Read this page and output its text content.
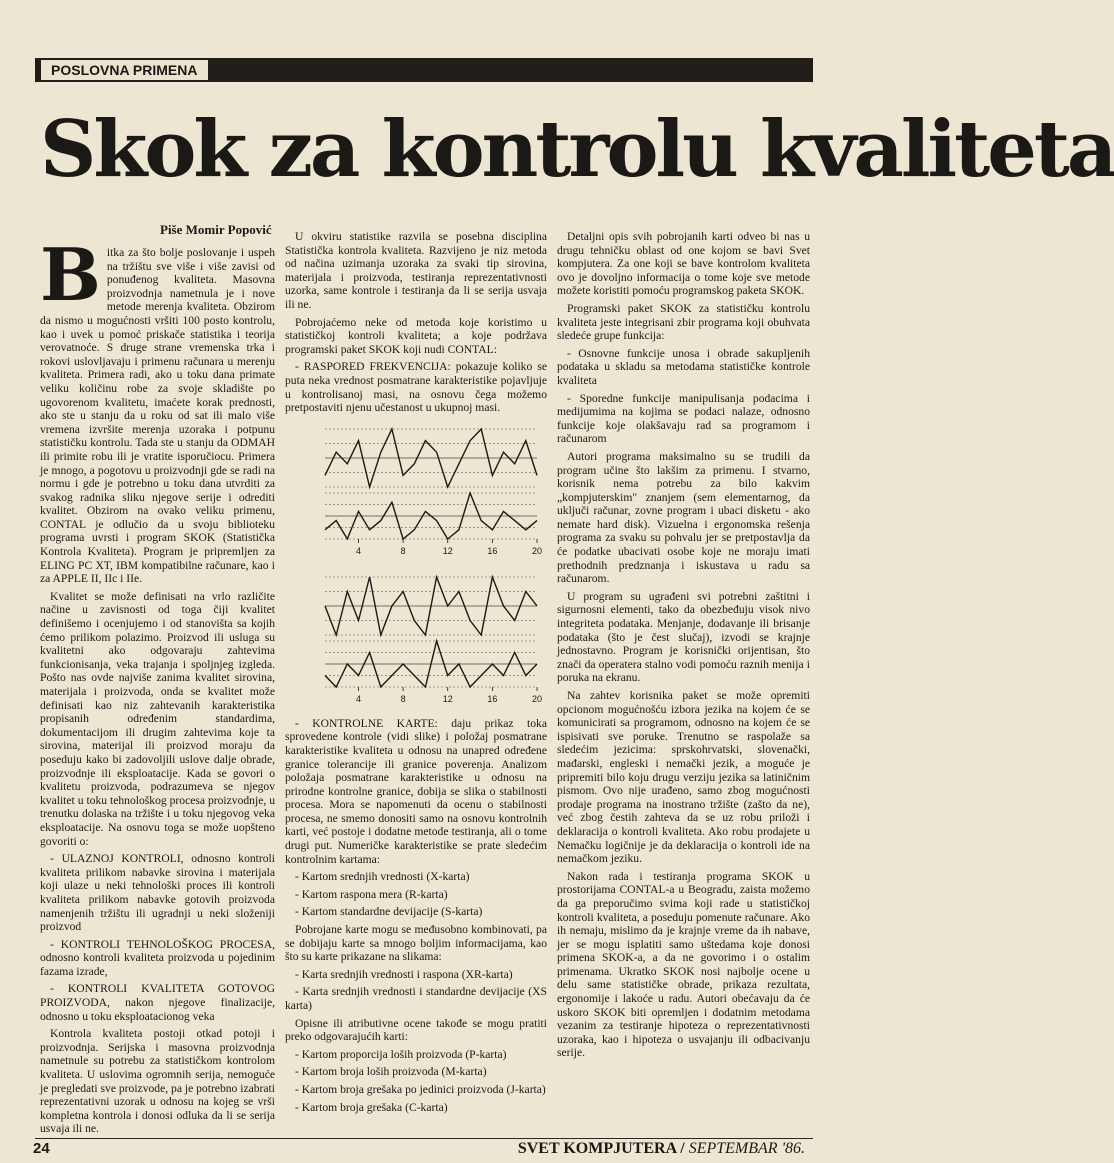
POSLOVNA PRIMENA
Skok za kontrolu kvaliteta
Piše Momir Popović

Bitka za što bolje poslovanje i uspeh na tržištu sve više i više zavisi od ponuđenog kvaliteta. Masovna proizvodnja nametnula je i nove metode merenja kvaliteta. Obzirom da nismo u mogućnosti vršiti 100 posto kontrolu, kao i uvek u pomoć priskače statistika i teorija verovatnoće. S druge strane vremenska trka i rokovi uslovljavaju i primenu računara u merenju kvaliteta. Primera radi, ako u toku dana primate veliku količinu robe za svoje skladište po ugovorenom kvalitetu, imaćete korak prednosti, ako ste u stanju da u roku od sat ili malo više vremena izvršite merenja uzoraka i potpunu statističku kontrolu. Tada ste u stanju da ODMAH ili primite robu ili je vratite isporučiocu. Primera je mnogo, a pogotovu u proizvodnji gde se radi na normu i gde je potrebno u toku dana utvrditi za svakog radnika sliku njegove serije i odrediti kvalitet. Obzirom na ovako veliku primenu, CONTAL je odlučio da u svoju biblioteku programa uvrsti i program SKOK (Statistička Kontrola Kvaliteta). Program je pripremljen za ELING PC XT, IBM kompatibilne računare, kao i za APPLE II, IIc i IIe.

Kvalitet se može definisati na vrlo različite načine u zavisnosti od toga čiji kvalitet definišemo i ocenjujemo i od stanovišta sa kojih ćemo prilikom polazimo. Proizvod ili usluga su kvalitetni ako odgovaraju zahtevima funkcionisanja, veka trajanja i spoljnjeg izgleda. Pošto nas ovde najviše zanima kvalitet sirovina, materijala i proizvoda, onda se kvalitet može definisati kao niz zahtevanih karakteristika propisanih određenim standardima, dokumentacijom ili drugim zahtevima koje ta sirovina, materijal ili proizvod moraju da poseduju kako bi zadovoljili uslove dalje obrade, proizvodnje ili eksploatacije. Kada se govori o kvalitetu proizvoda, podrazumeva se njegov kvalitet u toku tehnološkog procesa proizvodnje, u trenutku dolaska na tržište i u toku njegovog veka eksploatacije. Na osnovu toga se može uopšteno govoriti o:

- ULAZNOJ KONTROLI, odnosno kontroli kvaliteta prilikom nabavke sirovina i materijala koji ulaze u neki tehnološki proces ili kontroli kvaliteta prilikom nabavke gotovih proizvoda namenjenih tržištu ili ugradnji u neki složeniji proizvod

- KONTROLI TEHNOLOŠKOG PROCESA, odnosno kontroli kvaliteta proizvoda u pojedinim fazama izrade,

- KONTROLI KVALITETA GOTOVOG PROIZVODA, nakon njegove finalizacije, odnosno u toku eksploatacionog veka

Kontrola kvaliteta postoji otkad potoji i proizvodnja. Serijska i masovna proizvodnja nametnule su potrebu za statističkom kontrolom kvaliteta. U uslovima ogromnih serija, nemoguće je pregledati sve proizvode, pa je potrebno izabrati reprezentativni uzorak u odnosu na kojeg se vrši kompletna kontrola i donosi odluka da li se serija usvaja ili ne.

U okviru statistike razvila se posebna disciplina Statistička kontrola kvaliteta. Razvijeno je niz metoda od načina uzimanja uzoraka za svaki tip sirovina, materijala i proizvoda, testiranja reprezentativnosti uzorka, same kontrole i testiranja da li se serija usvaja ili ne.

Pobrojaćemo neke od metoda koje koristimo u statističkoj kontroli kvaliteta; a koje podržava programski paket SKOK koji nudi CONTAL:

- RASPORED FREKVENCIJA: pokazuje koliko se puta neka vrednost posmatrane karakteristike pojavljuje u kontrolisanoj masi, na osnovu čega možemo pretpostaviti njenu učestanost u ukupnoj masi.

4	8	12	16	20
4	8	12	16	20

- KONTROLNE KARTE: daju prikaz toka sprovedene kontrole (vidi slike) i položaj posmatrane karakteristike kvaliteta u odnosu na unapred određene granice tolerancije ili granice poverenja. Analizom položaja posmatrane karakteristike u odnosu na prirodne kontrolne granice, dobija se slika o stabilnosti procesa. Mora se napomenuti da ocenu o stabilnosti procesa, ne smemo donositi samo na osnovu kontrolnih karti, već postoje i dodatne metode testiranja, ali o tome drugi put. Numeričke karakteristike se prate sledećim kontrolnim kartama:

- Kartom srednjih vrednosti (X-karta)

- Kartom raspona mera (R-karta)

- Kartom standardne devijacije (S-karta)

Pobrojane karte mogu se međusobno kombinovati, pa se dobijaju karte sa mnogo boljim informacijama, kao što su karte prikazane na slikama:

- Karta srednjih vrednosti i raspona (XR-karta)

- Karta srednjih vrednosti i standardne devijacije (XS karta)

Opisne ili atributivne ocene takođe se mogu pratiti preko odgovarajućih karti:

- Kartom proporcija loših proizvoda (P-karta)

- Kartom broja loših proizvoda (M-karta)

- Kartom broja grešaka po jedinici proizvoda (J-karta)

- Kartom broja grešaka (C-karta)

Detaljni opis svih pobrojanih karti odveo bi nas u drugu tehničku oblast od one kojom se bavi Svet kompjutera. Za one koji se bave kontrolom kvaliteta ovo je dovoljno informacija o tome koje sve metode možete koristiti pomoću programskog paketa SKOK.

Programski paket SKOK za statističku kontrolu kvaliteta jeste integrisani zbir programa koji obuhvata sledeće grupe funkcija:

- Osnovne funkcije unosa i obrade sakupljenih podataka u skladu sa metodama statističke kontrole kvaliteta

- Sporedne funkcije manipulisanja podacima i medijumima na kojima se podaci nalaze, odnosno funkcije koje olakšavaju rad sa programom i računarom

Autori programa maksimalno su se trudili da program učine što lakšim za primenu. I stvarno, korisnik nema potrebu za bilo kakvim „kompjuterskim" znanjem (sem elementarnog, da uključi računar, zovne program i ubaci disketu - ako nemate hard disk). Vizuelna i ergonomska rešenja programa za svaku su pohvalu jer se pretpostavlja da će podatke ubacivati osobe koje ne moraju imati prethodnih predznanja i iskustava u radu sa računarom.

U program su ugrađeni svi potrebni zaštitni i sigurnosni elementi, tako da obezbeđuju visok nivo integriteta podataka. Menjanje, dodavanje ili brisanje podataka (što je čest slučaj), izvodi se krajnje jednostavno. Program je korisnički orijentisan, što znači da operatera stalno vodi pomoću raznih menija i poruka na ekranu.

Na zahtev korisnika paket se može opremiti opcionom mogućnošću izbora jezika na kojem će se komunicirati sa programom, odnosno na kojem će se ispisivati sve poruke. Trenutno se raspolaže sa sledećim jezicima: sprskohrvatski, slovenački, mađarski, engleski i nemački jezik, a moguće je pripremiti bilo koju drugu verziju jezika sa latiničnim pismom. Ovo nije urađeno, samo zbog mogućnosti prodaje programa na inostrano tržište (zašto da ne), već zbog čestih zahteva da se uz robu priloži i deklaracija o kontroli kvaliteta. Ako robu prodajete u Nemačku logičnije je da deklaracija o kontroli ide na nemačkom jeziku.

Nakon rada i testiranja programa SKOK u prostorijama CONTAL-a u Beogradu, zaista možemo da ga preporučimo svima koji rade u statističkoj kontroli kvaliteta, a poseduju pomenute računare. Ako ih nemaju, mislimo da je krajnje vreme da ih nabave, jer se mogu isplatiti samo uštedama koje donosi primena SKOK-a, a da ne govorimo i o ostalim primenama. Ukratko SKOK nosi najbolje ocene u delu same statističke obrade, prikaza rezultata, ergonomije i lakoće u radu. Autori obećavaju da će uskoro SKOK biti opremljen i dodatnim metodama vezanim za testiranje hipoteza o reprezentativnosti uzoraka, kao i hipoteza o usvajanju ili odbacivanju serije.

24	SVET KOMPJUTERA / SEPTEMBAR '86.
